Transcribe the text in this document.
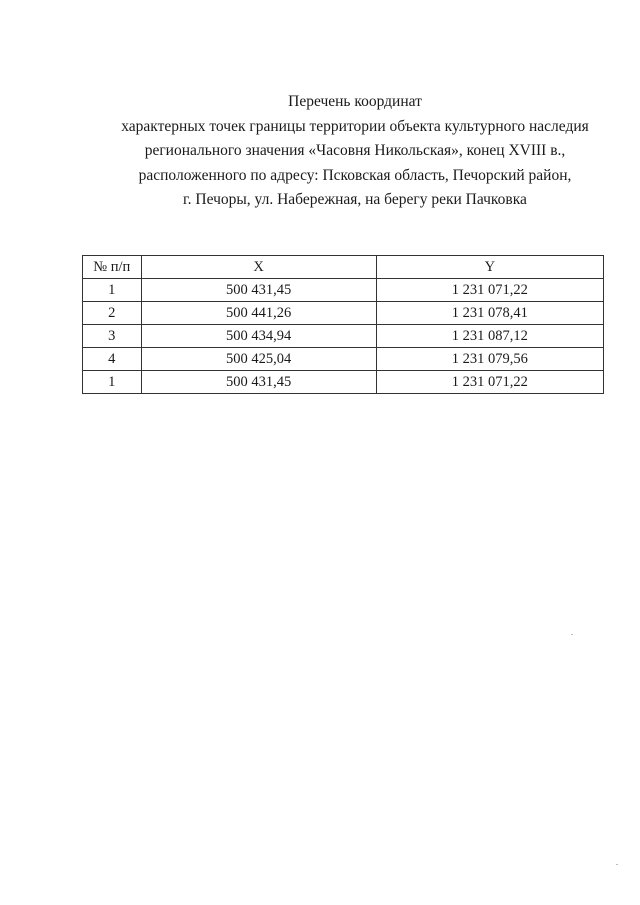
Перечень координат
характерных точек границы территории объекта культурного наследия
регионального значения «Часовня Никольская», конец XVIII в.,
расположенного по адресу: Псковская область, Печорский район,
г. Печоры, ул. Набережная, на берегу реки Пачковка
№ п/п	X	Y
1	500 431,45	1 231 071,22
2	500 441,26	1 231 078,41
3	500 434,94	1 231 087,12
4	500 425,04	1 231 079,56
1	500 431,45	1 231 071,22
